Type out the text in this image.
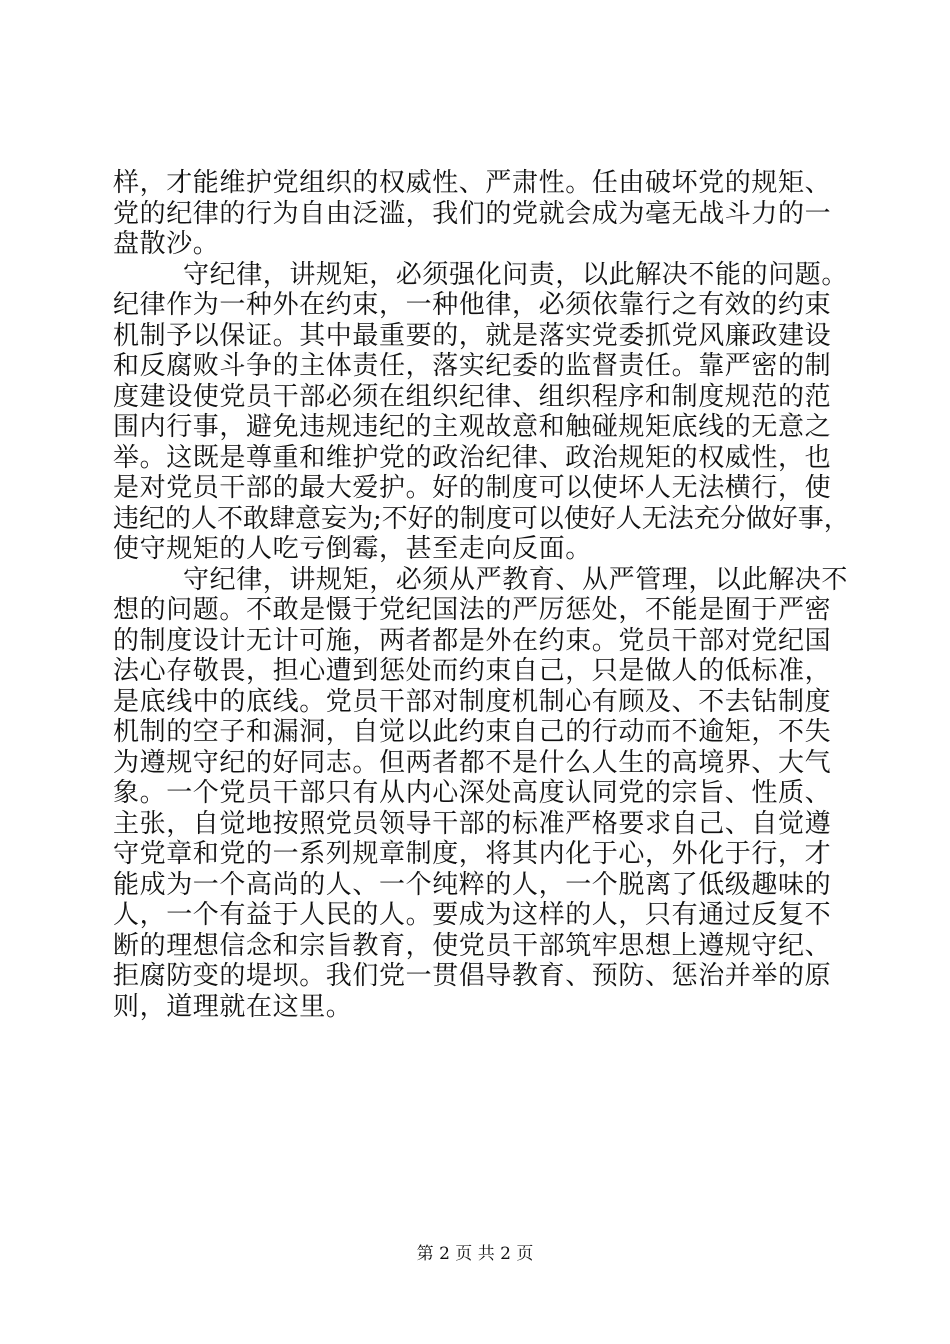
样，才能维护党组织的权威性、严肃性。任由破坏党的规矩、
党的纪律的行为自由泛滥，我们的党就会成为毫无战斗力的一
盘散沙。
守纪律，讲规矩，必须强化问责，以此解决不能的问题。
纪律作为一种外在约束，一种他律，必须依靠行之有效的约束
机制予以保证。其中最重要的，就是落实党委抓党风廉政建设
和反腐败斗争的主体责任，落实纪委的监督责任。靠严密的制
度建设使党员干部必须在组织纪律、组织程序和制度规范的范
围内行事，避免违规违纪的主观故意和触碰规矩底线的无意之
举。这既是尊重和维护党的政治纪律、政治规矩的权威性，也
是对党员干部的最大爱护。好的制度可以使坏人无法横行，使
违纪的人不敢肆意妄为;不好的制度可以使好人无法充分做好事，
使守规矩的人吃亏倒霉，甚至走向反面。
守纪律，讲规矩，必须从严教育、从严管理，以此解决不
想的问题。不敢是慑于党纪国法的严厉惩处，不能是囿于严密
的制度设计无计可施，两者都是外在约束。党员干部对党纪国
法心存敬畏，担心遭到惩处而约束自己，只是做人的低标准，
是底线中的底线。党员干部对制度机制心有顾及、不去钻制度
机制的空子和漏洞，自觉以此约束自己的行动而不逾矩，不失
为遵规守纪的好同志。但两者都不是什么人生的高境界、大气
象。一个党员干部只有从内心深处高度认同党的宗旨、性质、
主张，自觉地按照党员领导干部的标准严格要求自己、自觉遵
守党章和党的一系列规章制度，将其内化于心，外化于行，才
能成为一个高尚的人、一个纯粹的人，一个脱离了低级趣味的
人，一个有益于人民的人。要成为这样的人，只有通过反复不
断的理想信念和宗旨教育，使党员干部筑牢思想上遵规守纪、
拒腐防变的堤坝。我们党一贯倡导教育、预防、惩治并举的原
则，道理就在这里。
第 2 页 共 2 页
